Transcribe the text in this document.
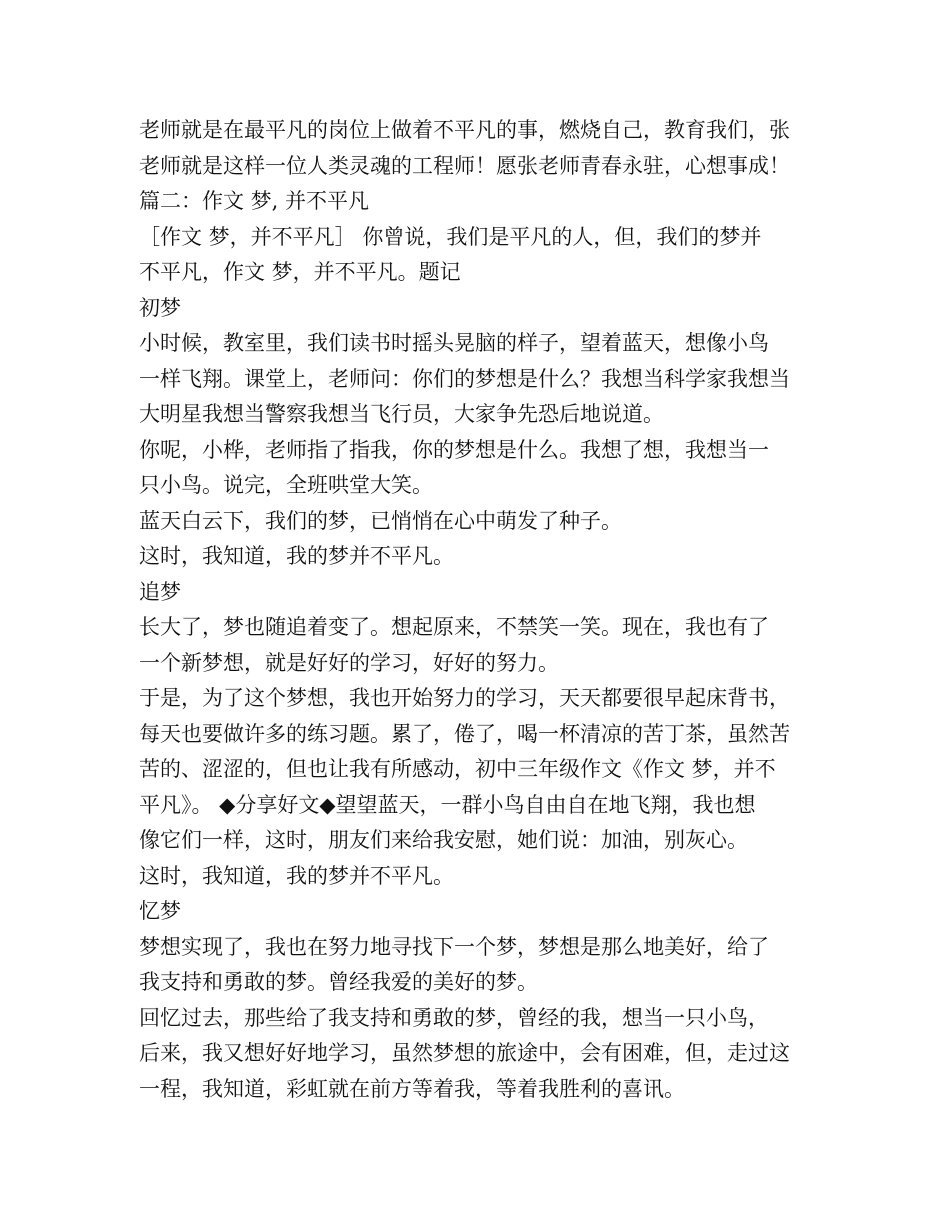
老师就是在最平凡的岗位上做着不平凡的事，燃烧自己，教育我们，张
老师就是这样一位人类灵魂的工程师！愿张老师青春永驻，心想事成！
篇二：作文 梦, 并不平凡
［作文 梦，并不平凡］ 你曾说，我们是平凡的人，但，我们的梦并
不平凡，作文 梦，并不平凡。题记
初梦
小时候，教室里，我们读书时摇头晃脑的样子，望着蓝天，想像小鸟
一样飞翔。课堂上，老师问：你们的梦想是什么？我想当科学家我想当
大明星我想当警察我想当飞行员，大家争先恐后地说道。
你呢，小桦，老师指了指我，你的梦想是什么。我想了想，我想当一
只小鸟。说完，全班哄堂大笑。
蓝天白云下，我们的梦，已悄悄在心中萌发了种子。
这时，我知道，我的梦并不平凡。
追梦
长大了，梦也随追着变了。想起原来，不禁笑一笑。现在，我也有了
一个新梦想，就是好好的学习，好好的努力。
于是，为了这个梦想，我也开始努力的学习，天天都要很早起床背书，
每天也要做许多的练习题。累了，倦了，喝一杯清凉的苦丁茶，虽然苦
苦的、涩涩的，但也让我有所感动，初中三年级作文《作文 梦，并不
平凡》。 ◆分享好文◆望望蓝天，一群小鸟自由自在地飞翔，我也想
像它们一样，这时，朋友们来给我安慰，她们说：加油，别灰心。
这时，我知道，我的梦并不平凡。
忆梦
梦想实现了，我也在努力地寻找下一个梦，梦想是那么地美好，给了
我支持和勇敢的梦。曾经我爱的美好的梦。
回忆过去，那些给了我支持和勇敢的梦，曾经的我，想当一只小鸟，
后来，我又想好好地学习，虽然梦想的旅途中，会有困难，但，走过这
一程，我知道，彩虹就在前方等着我，等着我胜利的喜讯。
